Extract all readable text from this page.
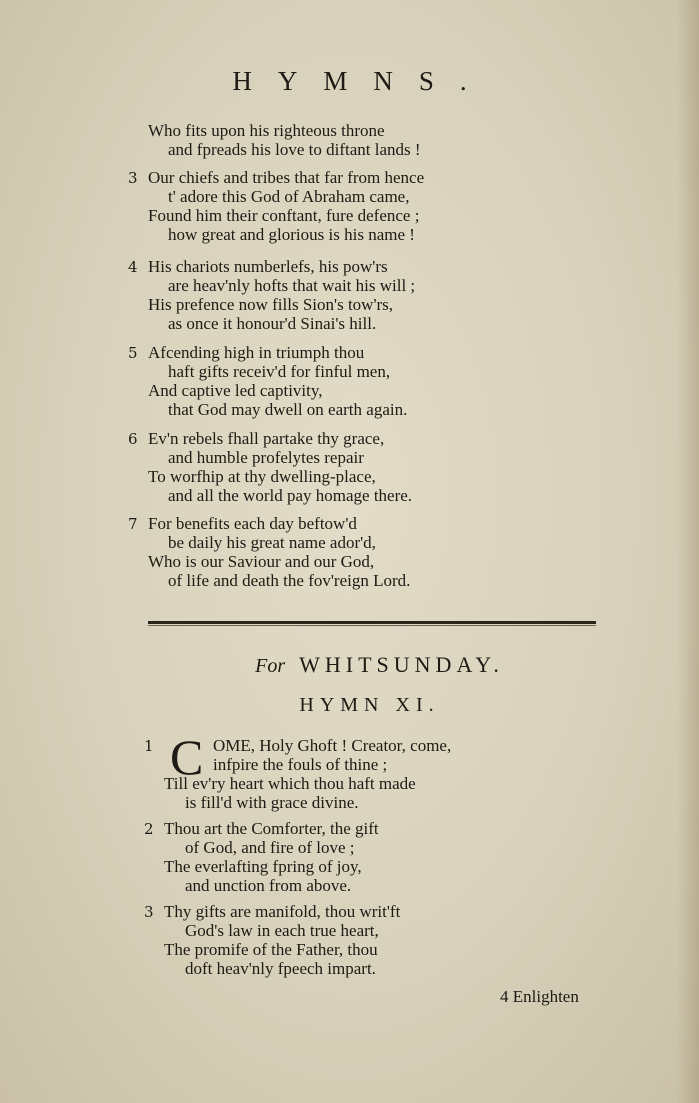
HYMNS.
Who fits upon his righteous throne
and fpreads his love to diftant lands !
3 Our chiefs and tribes that far from hence
t' adore this God of Abraham came,
Found him their conftant, fure defence ;
how great and glorious is his name !
4 His chariots numberlefs, his pow'rs
are heav'nly hofts that wait his will ;
His prefence now fills Sion's tow'rs,
as once it honour'd Sinai's hill.
5 Afcending high in triumph thou
haft gifts receiv'd for finful men,
And captive led captivity,
that God may dwell on earth again.
6 Ev'n rebels fhall partake thy grace,
and humble profelytes repair
To worfhip at thy dwelling-place,
and all the world pay homage there.
7 For benefits each day beftow'd
be daily his great name ador'd,
Who is our Saviour and our God,
of life and death the fov'reign Lord.
For WHITSUNDAY.
HYMN XI.
C
1	OME, Holy Ghoft ! Creator, come,
infpire the fouls of thine ;
Till ev'ry heart which thou haft made
is fill'd with grace divine.
2 Thou art the Comforter, the gift
of God, and fire of love ;
The everlafting fpring of joy,
and unction from above.
3 Thy gifts are manifold, thou writ'ft
God's law in each true heart,
The promife of the Father, thou
doft heav'nly fpeech impart.
4 Enlighten
